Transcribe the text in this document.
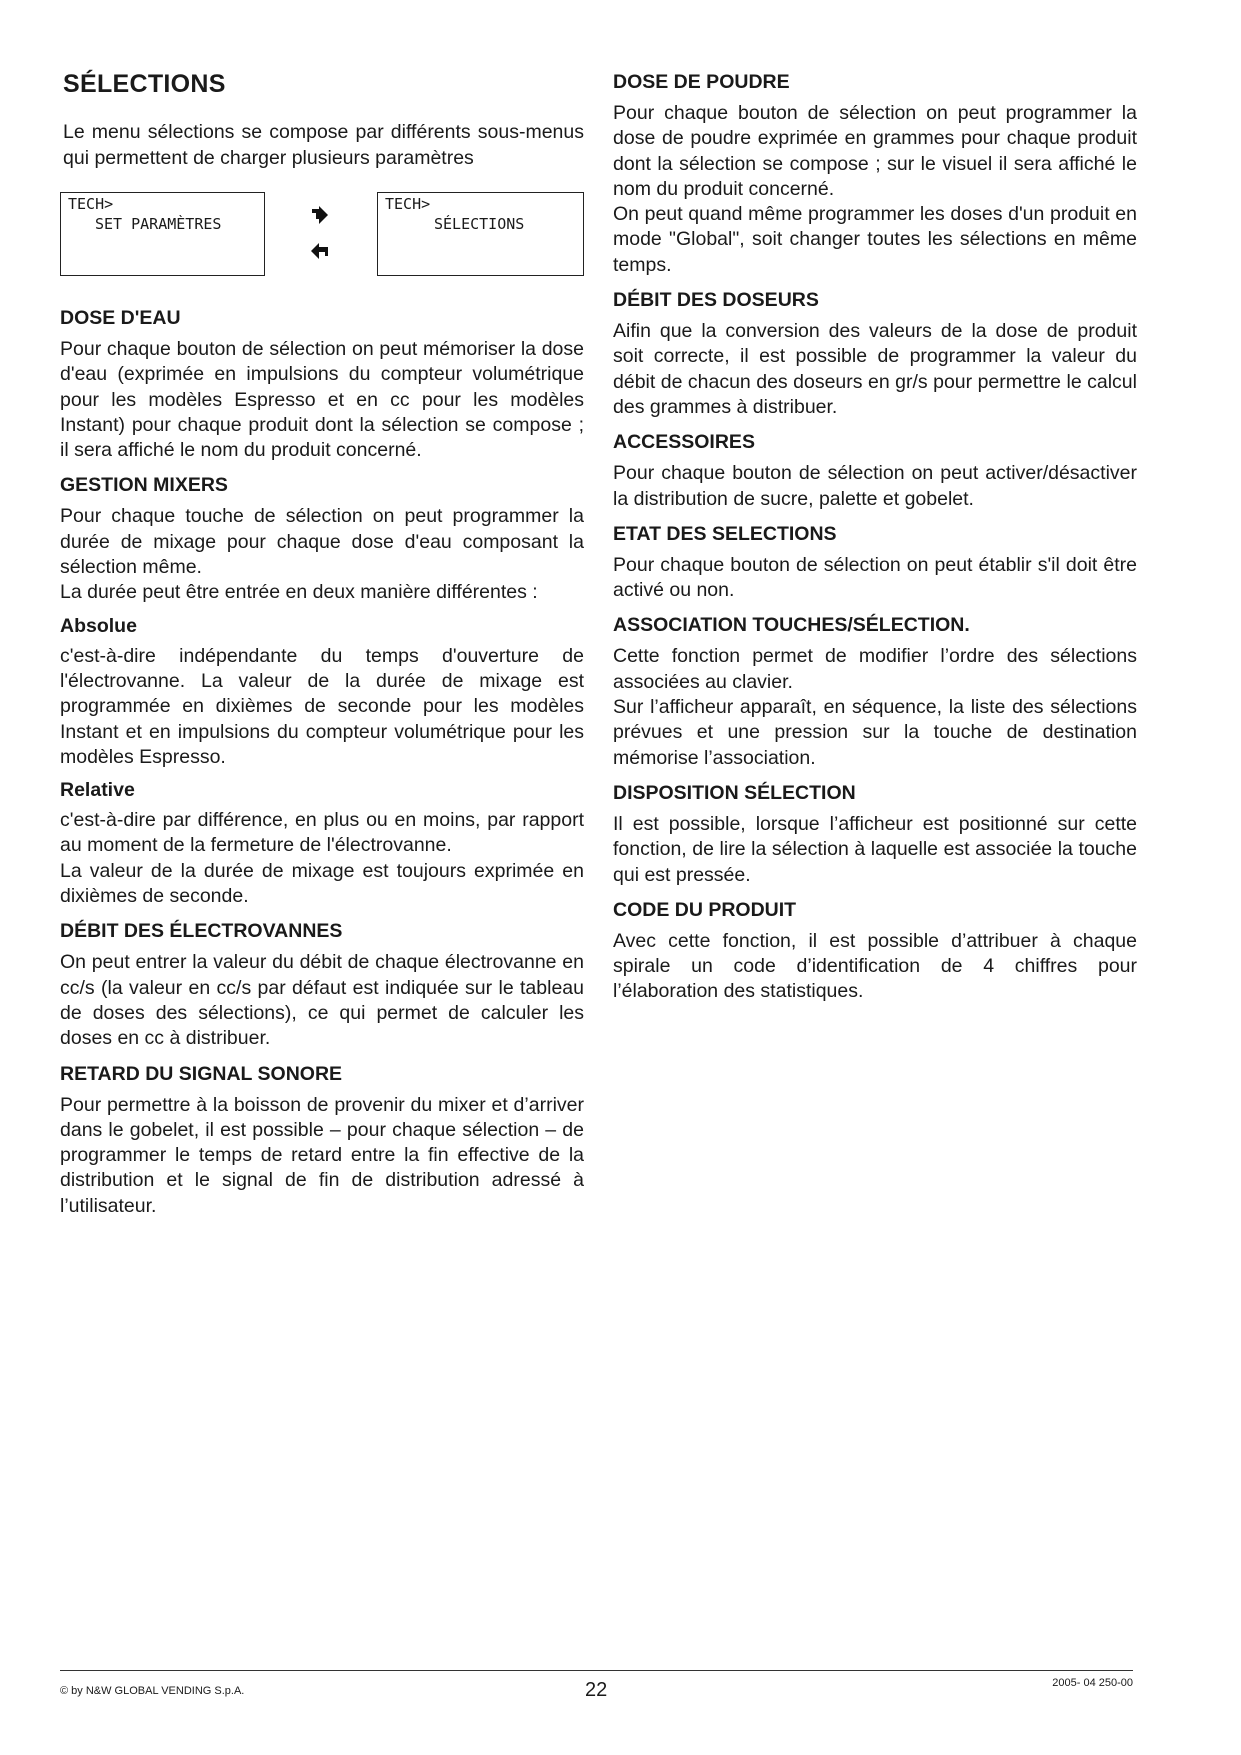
SÉLECTIONS
Le menu sélections se compose par différents sous-menus qui permettent de charger plusieurs paramètres
TECH>
SET PARAMÈTRES
TECH>
SÉLECTIONS
DOSE D'EAU

Pour chaque bouton de sélection on peut mémoriser la dose d'eau (exprimée en impulsions du compteur volumétrique pour les modèles Espresso et en cc pour les modèles Instant) pour chaque produit dont la sélection se compose ; il sera affiché le nom du produit concerné.

GESTION MIXERS

Pour chaque touche de sélection on peut programmer la durée de mixage pour chaque dose d'eau composant la sélection même.

La durée peut être entrée en deux manière différentes :

Absolue

c'est-à-dire indépendante du temps d'ouverture de l'électrovanne. La valeur de la durée de mixage est programmée en dixièmes de seconde pour les modèles Instant et en impulsions du compteur volumétrique pour les modèles Espresso.

Relative

c'est-à-dire par différence, en plus ou en moins, par rapport au moment de la fermeture de l'électrovanne.

La valeur de la durée de mixage est toujours exprimée en dixièmes de seconde.

DÉBIT DES ÉLECTROVANNES

On peut entrer la valeur du débit de chaque électrovanne en cc/s (la valeur en cc/s par défaut est indiquée sur le tableau de doses des sélections), ce qui permet de calculer les doses en cc à distribuer.

RETARD DU SIGNAL SONORE

Pour permettre à la boisson de provenir du mixer et d’arriver dans le gobelet, il est possible – pour chaque sélection – de programmer le temps de retard entre la fin effective de la distribution et le signal de fin de distribution adressé à l’utilisateur.

DOSE DE POUDRE

Pour chaque bouton de sélection on peut programmer la dose de poudre exprimée en grammes pour chaque produit dont la sélection se compose ; sur le visuel il sera affiché le nom du produit concerné.

On peut quand même programmer les doses d'un produit en mode "Global", soit changer toutes les sélections en même temps.

DÉBIT DES DOSEURS

Aifin que la conversion des valeurs de la dose de produit soit correcte, il est possible de programmer la valeur du débit de chacun des doseurs en gr/s pour permettre le calcul des grammes à distribuer.

ACCESSOIRES

Pour chaque bouton de sélection on peut activer/désactiver la distribution de sucre, palette et gobelet.

ETAT DES SELECTIONS

Pour chaque bouton de sélection on peut établir s'il doit être activé ou non.

ASSOCIATION TOUCHES/SÉLECTION.

Cette fonction permet de modifier l’ordre des sélections associées au clavier.

Sur l’afficheur apparaît, en séquence, la liste des sélections prévues et une pression sur la touche de destination mémorise l’association.

DISPOSITION SÉLECTION

Il est possible, lorsque l’afficheur est positionné sur cette fonction, de lire la sélection à laquelle est associée la touche qui est pressée.

CODE DU PRODUIT

Avec cette fonction, il est possible d’attribuer à chaque spirale un code d’identification de 4 chiffres pour l’élaboration des statistiques.

© by N&W GLOBAL VENDING S.p.A.	22	2005- 04 250-00
